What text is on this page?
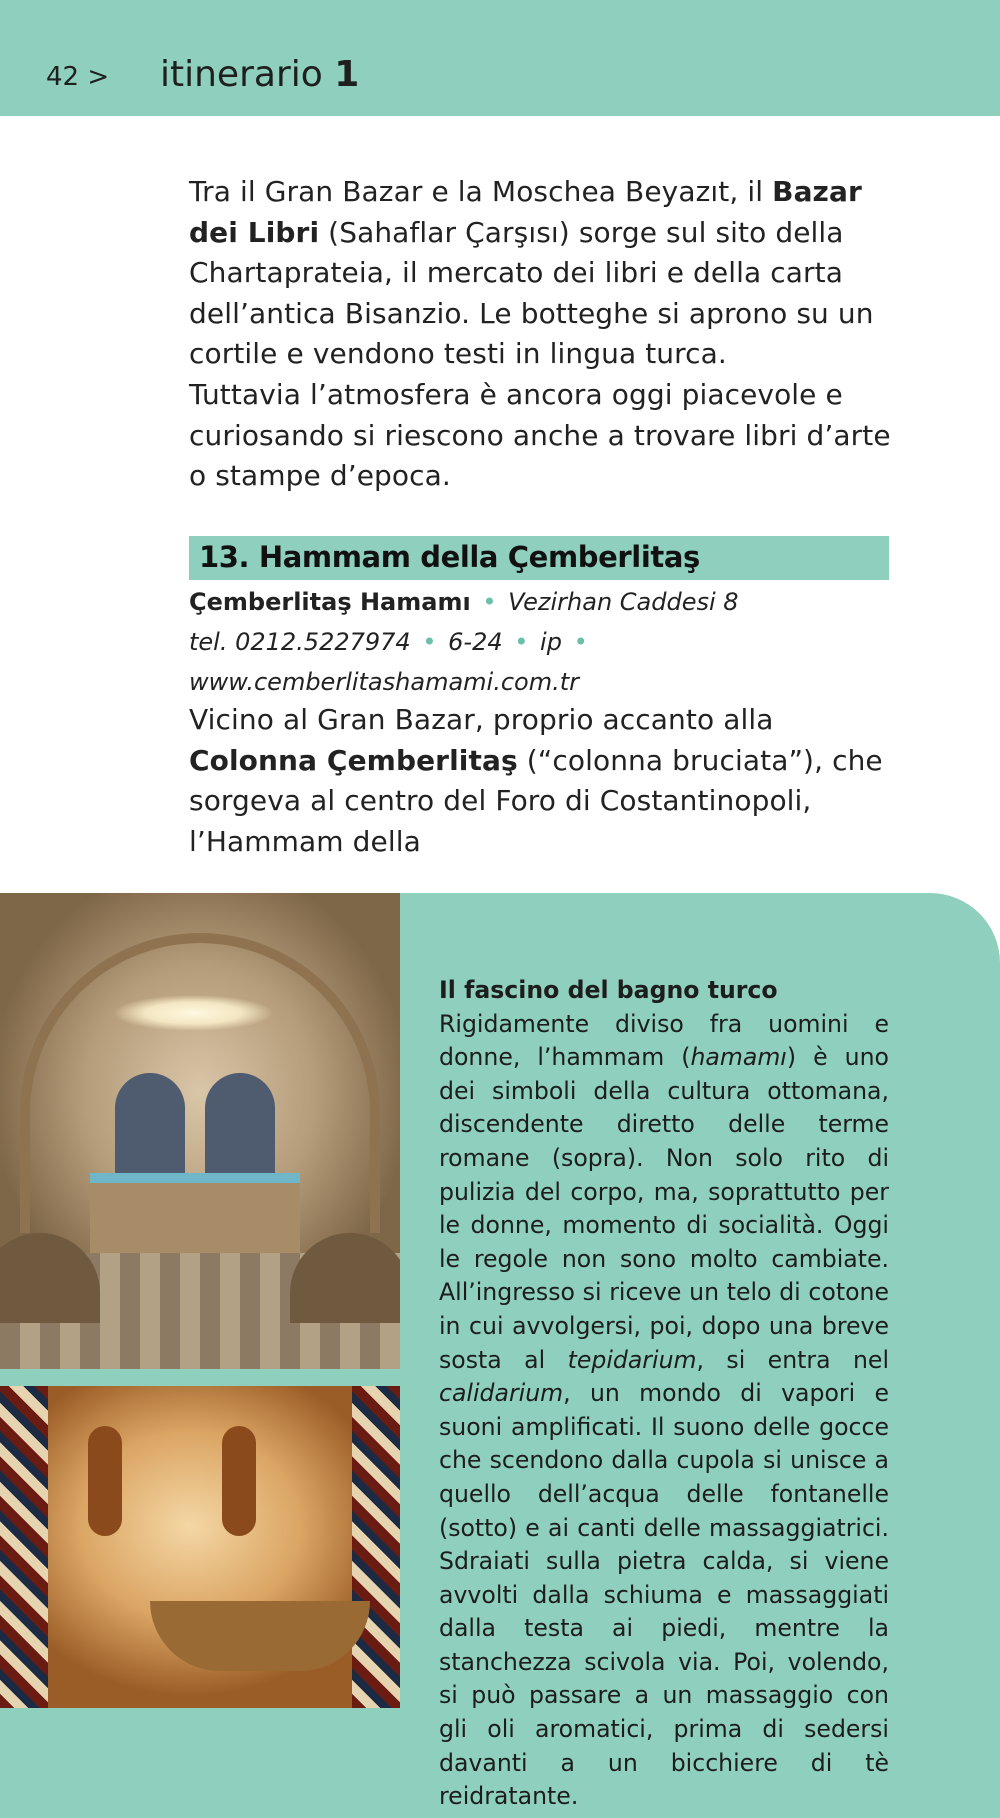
42 > itinerario 1
Tra il Gran Bazar e la Moschea Beyazıt, il Bazar dei Libri (Sahaflar Çarşısı) sorge sul sito della Chartaprateia, il mercato dei libri e della carta dell’antica Bisanzio. Le botteghe si aprono su un cortile e vendono testi in lingua turca.
Tuttavia l’atmosfera è ancora oggi piacevole e curiosando si riescono anche a trovare libri d’arte o stampe d’epoca.
13. Hammam della Çemberlitaş
Çemberlitaş Hamamı • Vezirhan Caddesi 8
tel. 0212.5227974 • 6-24 • ip • www.cemberlitashamami.com.tr
Vicino al Gran Bazar, proprio accanto alla Colonna Çemberlitaş (“colonna bruciata”), che sorgeva al centro del Foro di Costantinopoli, l’Hammam della
Il fascino del bagno turco
Rigidamente diviso fra uomini e donne, l’hammam (hamamı) è uno dei simboli della cultura ottomana, discendente diretto delle terme romane (sopra). Non solo rito di pulizia del corpo, ma, soprattutto per le donne, momento di socialità. Oggi le regole non sono molto cambiate. All’ingresso si riceve un telo di cotone in cui avvolgersi, poi, dopo una breve sosta al tepidarium, si entra nel calidarium, un mondo di vapori e suoni amplificati. Il suono delle gocce che scendono dalla cupola si unisce a quello dell’acqua delle fontanelle (sotto) e ai canti delle massaggiatrici. Sdraiati sulla pietra calda, si viene avvolti dalla schiuma e massaggiati dalla testa ai piedi, mentre la stanchezza scivola via. Poi, volendo, si può passare a un massaggio con gli oli aromatici, prima di sedersi davanti a un bicchiere di tè reidratante.
